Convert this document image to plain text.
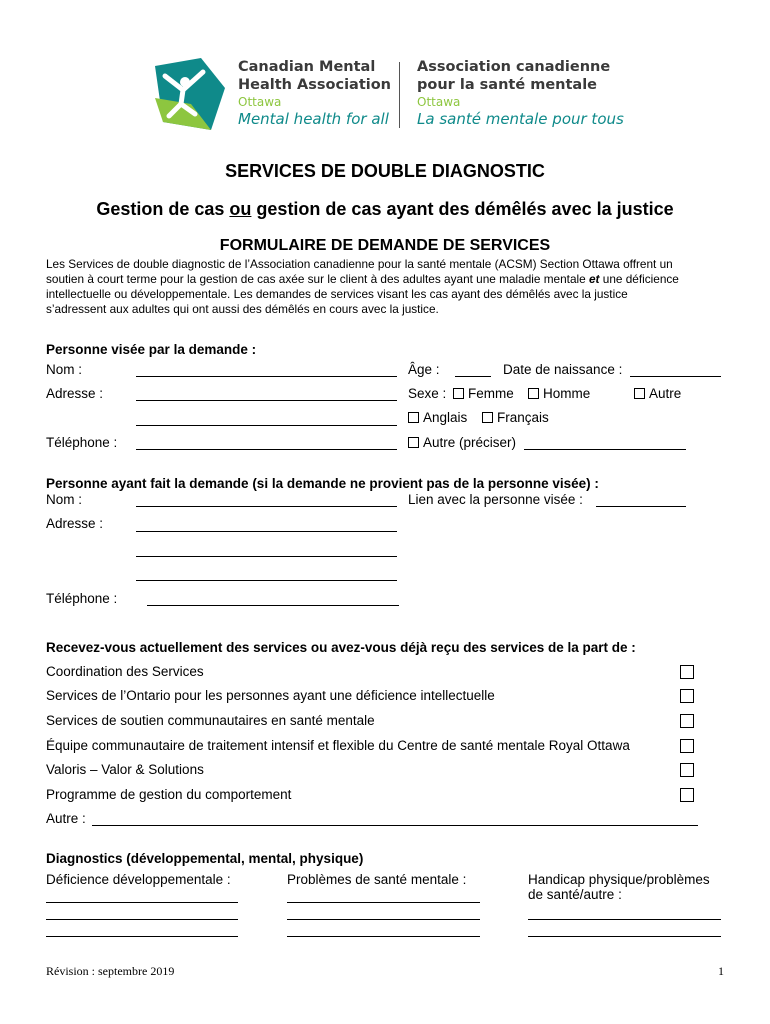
Canadian Mental
Health Association
Ottawa
Mental health for all
Association canadienne
pour la santé mentale
Ottawa
La santé mentale pour tous
SERVICES DE DOUBLE DIAGNOSTIC
Gestion de cas ou gestion de cas ayant des démêlés avec la justice
FORMULAIRE DE DEMANDE DE SERVICES
Les Services de double diagnostic de l’Association canadienne pour la santé mentale (ACSM) Section Ottawa offrent un
soutien à court terme pour la gestion de cas axée sur le client à des adultes ayant une maladie mentale et une déficience
intellectuelle ou développementale. Les demandes de services visant les cas ayant des démêlés avec la justice
s’adressent aux adultes qui ont aussi des démêlés en cours avec la justice.
Personne visée par la demande :
Nom :	Âge :	Date de naissance :
Adresse :	Sexe :	Femme	Homme	Autre
Anglais	Français
Téléphone :	Autre (préciser)
Personne ayant fait la demande (si la demande ne provient pas de la personne visée) :
Nom :	Lien avec la personne visée :
Adresse :
Téléphone :
Recevez-vous actuellement des services ou avez-vous déjà reçu des services de la part de :
Coordination des Services
Services de l’Ontario pour les personnes ayant une déficience intellectuelle
Services de soutien communautaires en santé mentale
Équipe communautaire de traitement intensif et flexible du Centre de santé mentale Royal Ottawa
Valoris – Valor & Solutions
Programme de gestion du comportement
Autre :
Diagnostics (développemental, mental, physique)
Déficience développementale :	Problèmes de santé mentale :	Handicap physique/problèmes
de santé/autre :
Révision : septembre 2019	1
